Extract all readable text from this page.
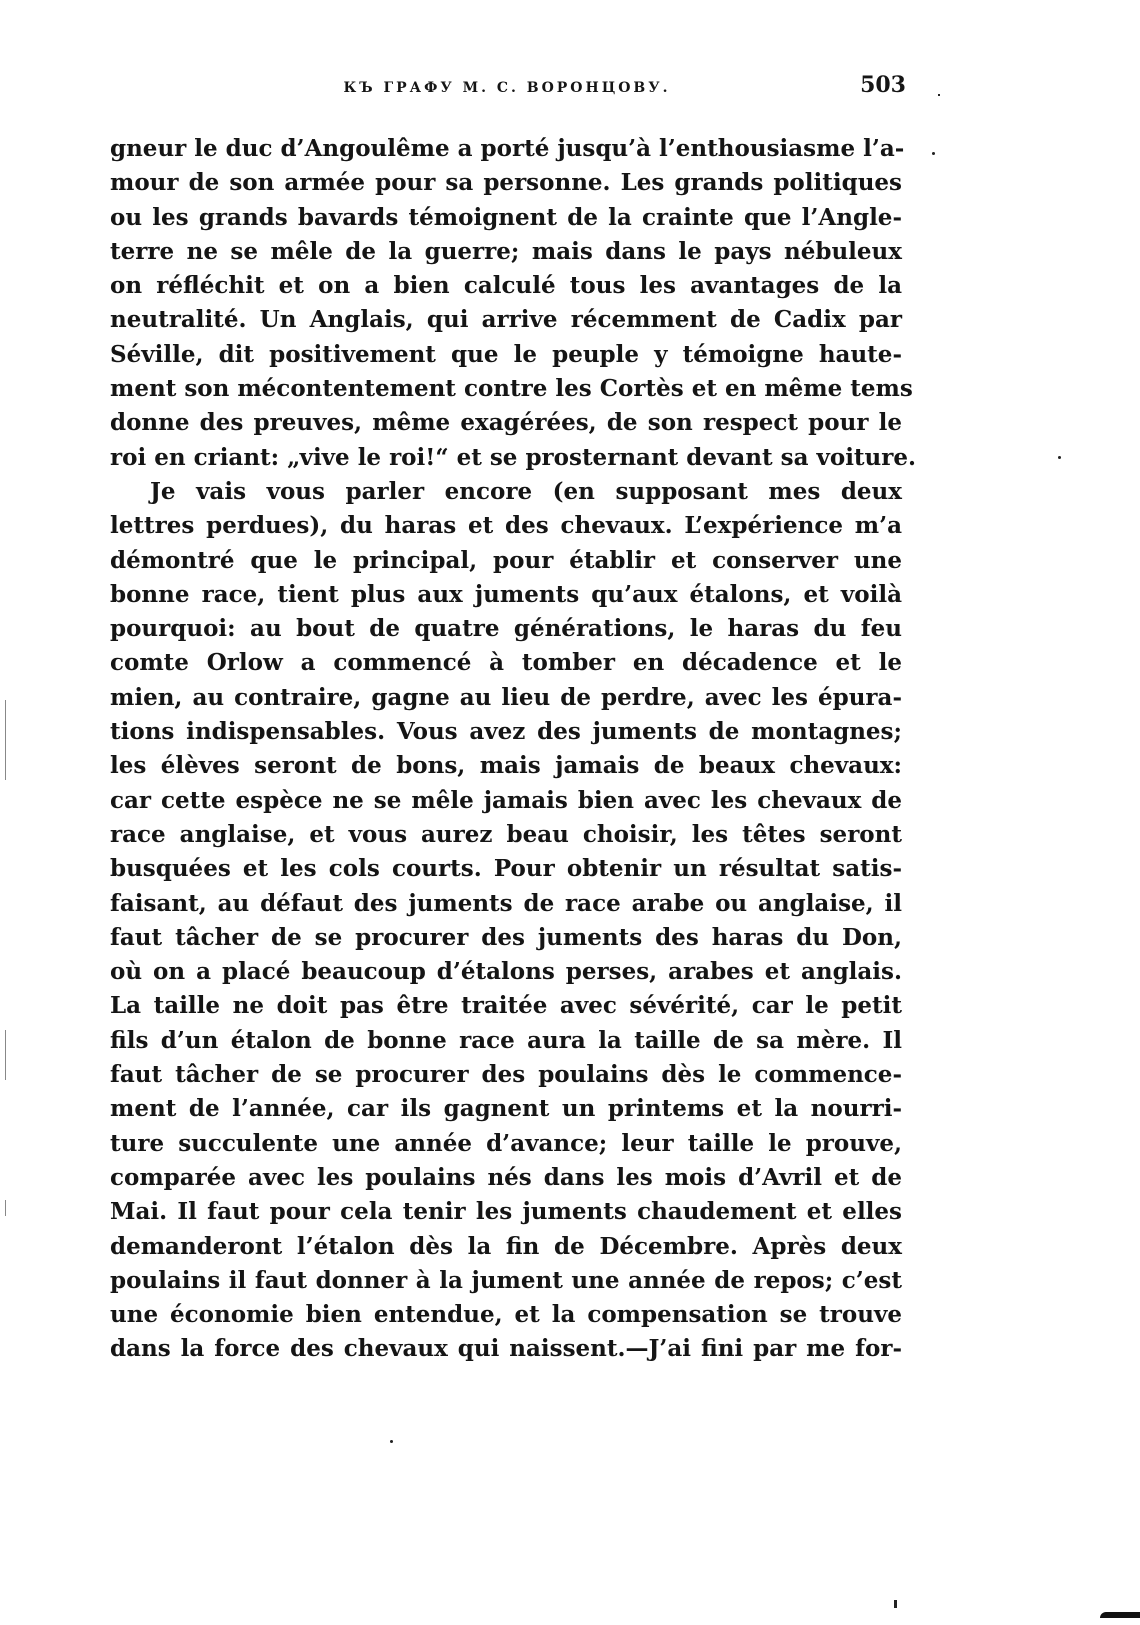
КЪ ГРАФУ М. С. ВОРОНЦОВУ.	503
gneur le duc d’Angoulême a porté jusqu’à l’enthousiasme l’a-
mour de son armée pour sa personne. Les grands politiques
ou les grands bavards témoignent de la crainte que l’Angle-
terre ne se mêle de la guerre; mais dans le pays nébuleux
on réfléchit et on a bien calculé tous les avantages de la
neutralité. Un Anglais, qui arrive récemment de Cadix par
Séville, dit positivement que le peuple y témoigne haute-
ment son mécontentement contre les Cortès et en même tems
donne des preuves, même exagérées, de son respect pour le
roi en criant: „vive le roi!“ et se prosternant devant sa voiture.
Je vais vous parler encore (en supposant mes deux
lettres perdues), du haras et des chevaux. L’expérience m’a
démontré que le principal, pour établir et conserver une
bonne race, tient plus aux juments qu’aux étalons, et voilà
pourquoi: au bout de quatre générations, le haras du feu
comte Orlow a commencé à tomber en décadence et le
mien, au contraire, gagne au lieu de perdre, avec les épura-
tions indispensables. Vous avez des juments de montagnes;
les élèves seront de bons, mais jamais de beaux chevaux:
car cette espèce ne se mêle jamais bien avec les chevaux de
race anglaise, et vous aurez beau choisir, les têtes seront
busquées et les cols courts. Pour obtenir un résultat satis-
faisant, au défaut des juments de race arabe ou anglaise, il
faut tâcher de se procurer des juments des haras du Don,
où on a placé beaucoup d’étalons perses, arabes et anglais.
La taille ne doit pas être traitée avec sévérité, car le petit
fils d’un étalon de bonne race aura la taille de sa mère. Il
faut tâcher de se procurer des poulains dès le commence-
ment de l’année, car ils gagnent un printems et la nourri-
ture succulente une année d’avance; leur taille le prouve,
comparée avec les poulains nés dans les mois d’Avril et de
Mai. Il faut pour cela tenir les juments chaudement et elles
demanderont l’étalon dès la fin de Décembre. Après deux
poulains il faut donner à la jument une année de repos; c’est
une économie bien entendue, et la compensation se trouve
dans la force des chevaux qui naissent.—J’ai fini par me for-
